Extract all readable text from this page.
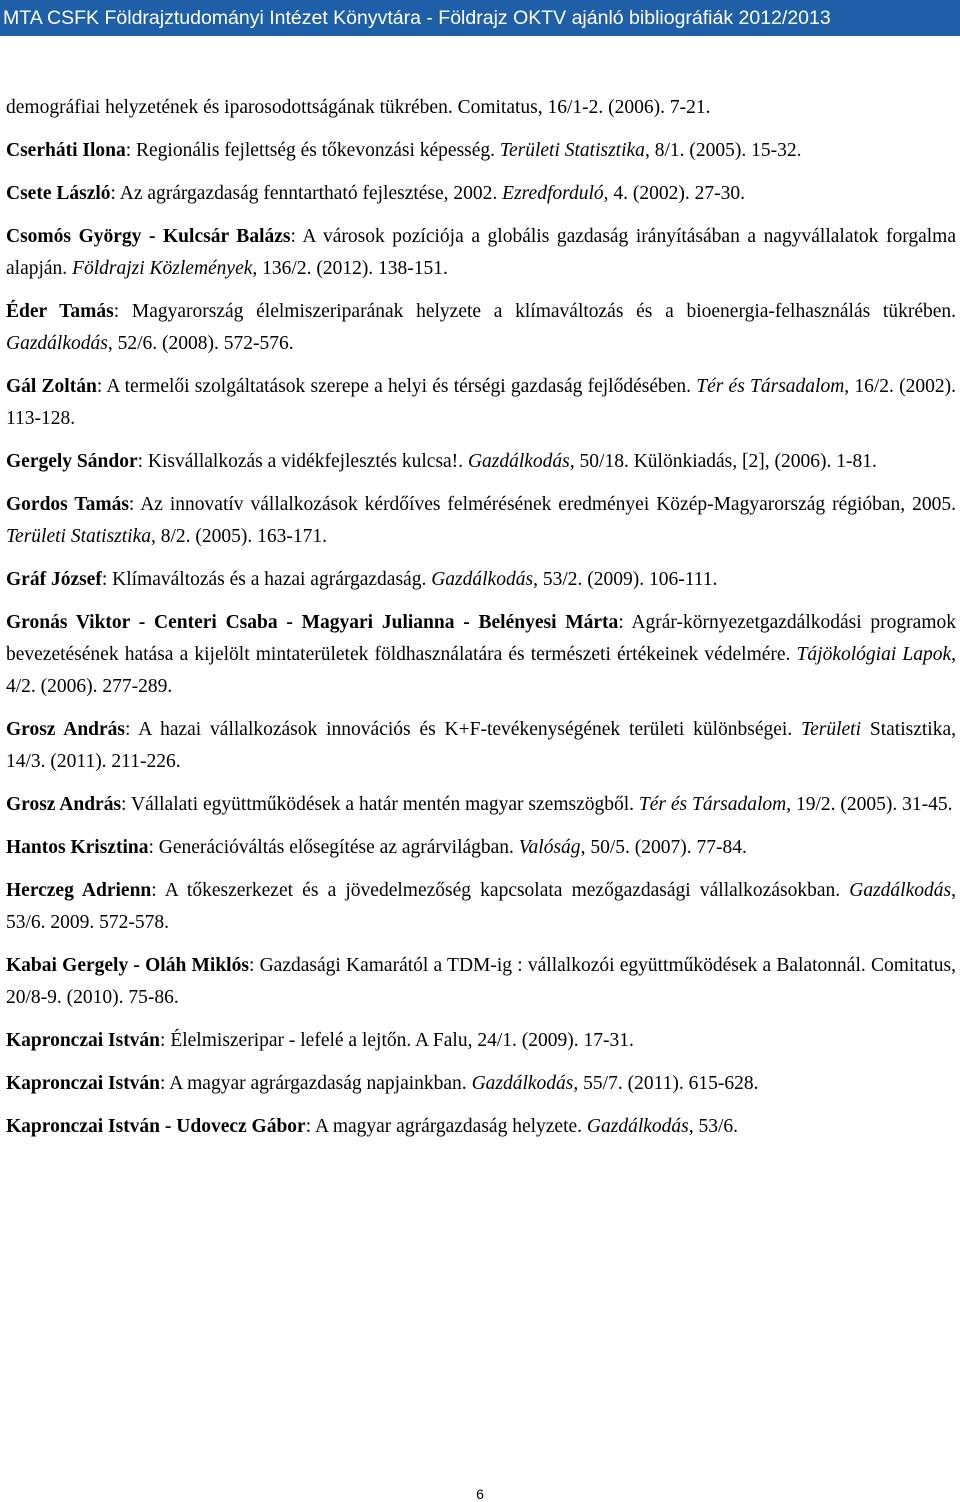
MTA CSFK Földrajztudományi Intézet Könyvtára - Földrajz OKTV ajánló bibliográfiák 2012/2013

demográfiai helyzetének és iparosodottságának tükrében. Comitatus, 16/1-2. (2006). 7-21.

Cserháti Ilona: Regionális fejlettség és tőkevonzási képesség. Területi Statisztika, 8/1. (2005). 15-32.

Csete László: Az agrárgazdaság fenntartható fejlesztése, 2002. Ezredforduló, 4. (2002). 27-30.

Csomós György - Kulcsár Balázs: A városok pozíciója a globális gazdaság irányításában a nagyvállalatok forgalma alapján. Földrajzi Közlemények, 136/2. (2012). 138-151.

Éder Tamás: Magyarország élelmiszeriparának helyzete a klímaváltozás és a bioenergia-felhasználás tükrében. Gazdálkodás, 52/6. (2008). 572-576.

Gál Zoltán: A termelői szolgáltatások szerepe a helyi és térségi gazdaság fejlődésében. Tér és Társadalom, 16/2. (2002). 113-128.

Gergely Sándor: Kisvállalkozás a vidékfejlesztés kulcsa!. Gazdálkodás, 50/18. Különkiadás, [2], (2006). 1-81.

Gordos Tamás: Az innovatív vállalkozások kérdőíves felmérésének eredményei Közép-Magyarország régióban, 2005. Területi Statisztika, 8/2. (2005). 163-171.

Gráf József: Klímaváltozás és a hazai agrárgazdaság. Gazdálkodás, 53/2. (2009). 106-111.

Gronás Viktor - Centeri Csaba - Magyari Julianna - Belényesi Márta: Agrár-környezetgazdálkodási programok bevezetésének hatása a kijelölt mintaterületek földhasználatára és természeti értékeinek védelmére. Tájökológiai Lapok, 4/2. (2006). 277-289.

Grosz András: A hazai vállalkozások innovációs és K+F-tevékenységének területi különbségei. Területi Statisztika, 14/3. (2011). 211-226.

Grosz András: Vállalati együttműködések a határ mentén magyar szemszögből. Tér és Társadalom, 19/2. (2005). 31-45.

Hantos Krisztina: Generációváltás elősegítése az agrárvilágban. Valóság, 50/5. (2007). 77-84.

Herczeg Adrienn: A tőkeszerkezet és a jövedelmezőség kapcsolata mezőgazdasági vállalkozásokban. Gazdálkodás, 53/6. 2009. 572-578.

Kabai Gergely - Oláh Miklós: Gazdasági Kamarától a TDM-ig : vállalkozói együttműködések a Balatonnál. Comitatus, 20/8-9. (2010). 75-86.

Kapronczai István: Élelmiszeripar - lefelé a lejtőn. A Falu, 24/1. (2009). 17-31.

Kapronczai István: A magyar agrárgazdaság napjainkban. Gazdálkodás, 55/7. (2011). 615-628.

Kapronczai István - Udovecz Gábor: A magyar agrárgazdaság helyzete. Gazdálkodás, 53/6.

6
